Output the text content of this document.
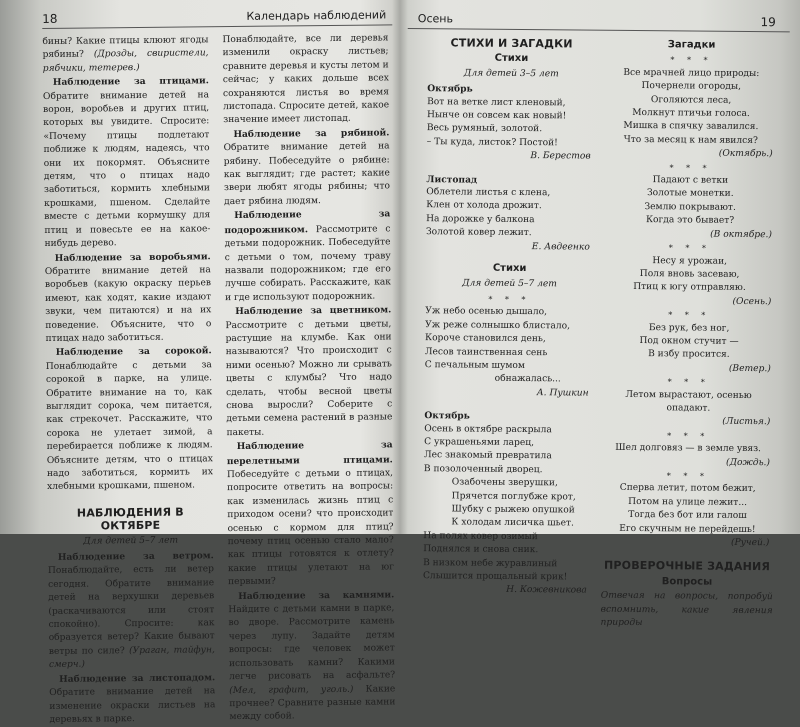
18	Календарь наблюдений

бины? Какие птицы клюют ягоды рябины? (Дрозды, свиристели, рябчики, тетерев.)

Наблюдение за птицами. Обратите внимание детей на ворон, воробьев и других птиц, которых вы увидите. Спросите: «Почему птицы подлетают поближе к людям, надеясь, что они их покормят. Объясните детям, что о птицах надо заботиться, кормить хлебными крошками, пшеном. Сделайте вместе с детьми кормушку для птиц и повесьте ее на какое-нибудь дерево.

Наблюдение за воробьями. Обратите внимание детей на воробьев (какую окраску перьев имеют, как ходят, какие издают звуки, чем питаются) и на их поведение. Объясните, что о птицах надо заботиться.

Наблюдение за сорокой. Понаблюдайте с детьми за сорокой в парке, на улице. Обратите внимание на то, как выглядит сорока, чем питается, как стрекочет. Расскажите, что сорока не улетает зимой, а перебирается поближе к людям. Объясните детям, что о птицах надо заботиться, кормить их хлебными крошками, пшеном.

НАБЛЮДЕНИЯ В ОКТЯБРЕ
Для детей 5–7 лет

Наблюдение за ветром. Понаблюдайте, есть ли ветер сегодня. Обратите внимание детей на верхушки деревьев (раскачиваются или стоят спокойно). Спросите: как образуется ветер? Какие бывают ветры по силе? (Ураган, тайфун, смерч.)

Наблюдение за листопадом. Обратите внимание детей на изменение окраски листьев на деревьях в парке.

Понаблюдайте, все ли деревья изменили окраску листьев; сравните деревья и кусты летом и сейчас; у каких дольше всех сохраняются листья во время листопада. Спросите детей, какое значение имеет листопад.

Наблюдение за рябиной. Обратите внимание детей на рябину. Побеседуйте о рябине: как выглядит; где растет; какие звери любят ягоды рябины; что дает рябина людям.

Наблюдение за подорожником. Рассмотрите с детьми подорожник. Побеседуйте с детьми о том, почему траву назвали подорожником; где его лучше собирать. Расскажите, как и где используют подорожник.

Наблюдение за цветником. Рассмотрите с детьми цветы, растущие на клумбе. Как они называются? Что происходит с ними осенью? Можно ли срывать цветы с клумбы? Что надо сделать, чтобы весной цветы снова выросли? Соберите с детьми семена растений в разные пакеты.

Наблюдение за перелетными птицами. Побеседуйте с детьми о птицах, попросите ответить на вопросы: как изменилась жизнь птиц с приходом осени? что происходит осенью с кормом для птиц? почему птиц осенью стало мало? как птицы готовятся к отлету? какие птицы улетают на юг первыми?

Наблюдение за камнями. Найдите с детьми камни в парке, во дворе. Рассмотрите камень через лупу. Задайте детям вопросы: где человек может использовать камни? Какими легче рисовать на асфальте? (Мел, графит, уголь.) Какие прочнее? Сравните разные камни между собой.

Осень	19
СТИХИ И ЗАГАДКИ
Стихи
Для детей 3–5 лет
Октябрь
Вот на ветке лист кленовый,
Нынче он совсем как новый!
Весь румяный, золотой.
– Ты куда, листок? Постой!
В. Берестов
Листопад
Облетели листья с клена,
Клен от холода дрожит.
На дорожке у балкона
Золотой ковер лежит.
Е. Авдеенко
Стихи
Для детей 5–7 лет
* * *
Уж небо осенью дышало,
Уж реже солнышко блистало,
Короче становился день,
Лесов таинственная сень
С печальным шумом
обнажалась...
А. Пушкин
Октябрь
Осень в октябре раскрыла
С украшеньями ларец,
Лес знакомый превратила
В позолоченный дворец.
Озабочены зверушки,
Прячется поглубже крот,
Шубку с рыжею опушкой
К холодам лисичка шьет.
На полях ковер озимый
Поднялся и снова сник.
В низком небе журавлиный
Слышится прощальный крик!
Н. Кожевникова
Загадки
* * *
Все мрачней лицо природы:
Почернели огороды,
Оголяются леса,
Молкнут птичьи голоса.
Мишка в спячку завалился.
Что за месяц к нам явился?
(Октябрь.)
* * *
Падают с ветки
Золотые монетки.
Землю покрывают.
Когда это бывает?
(В октябре.)
* * *
Несу я урожаи,
Поля вновь засеваю,
Птиц к югу отправляю.
(Осень.)
* * *
Без рук, без ног,
Под окном стучит —
В избу просится.
(Ветер.)
* * *
Летом вырастают, осенью опадают.
(Листья.)
* * *
Шел долговяз — в земле увяз.
(Дождь.)
* * *
Сперва летит, потом бежит,
Потом на улице лежит...
Тогда без бот или галош
Его скучным не перейдешь!
(Ручей.)
ПРОВЕРОЧНЫЕ ЗАДАНИЯ
Вопросы
Отвечая на вопросы, попробуй вспомнить, какие явления природы
